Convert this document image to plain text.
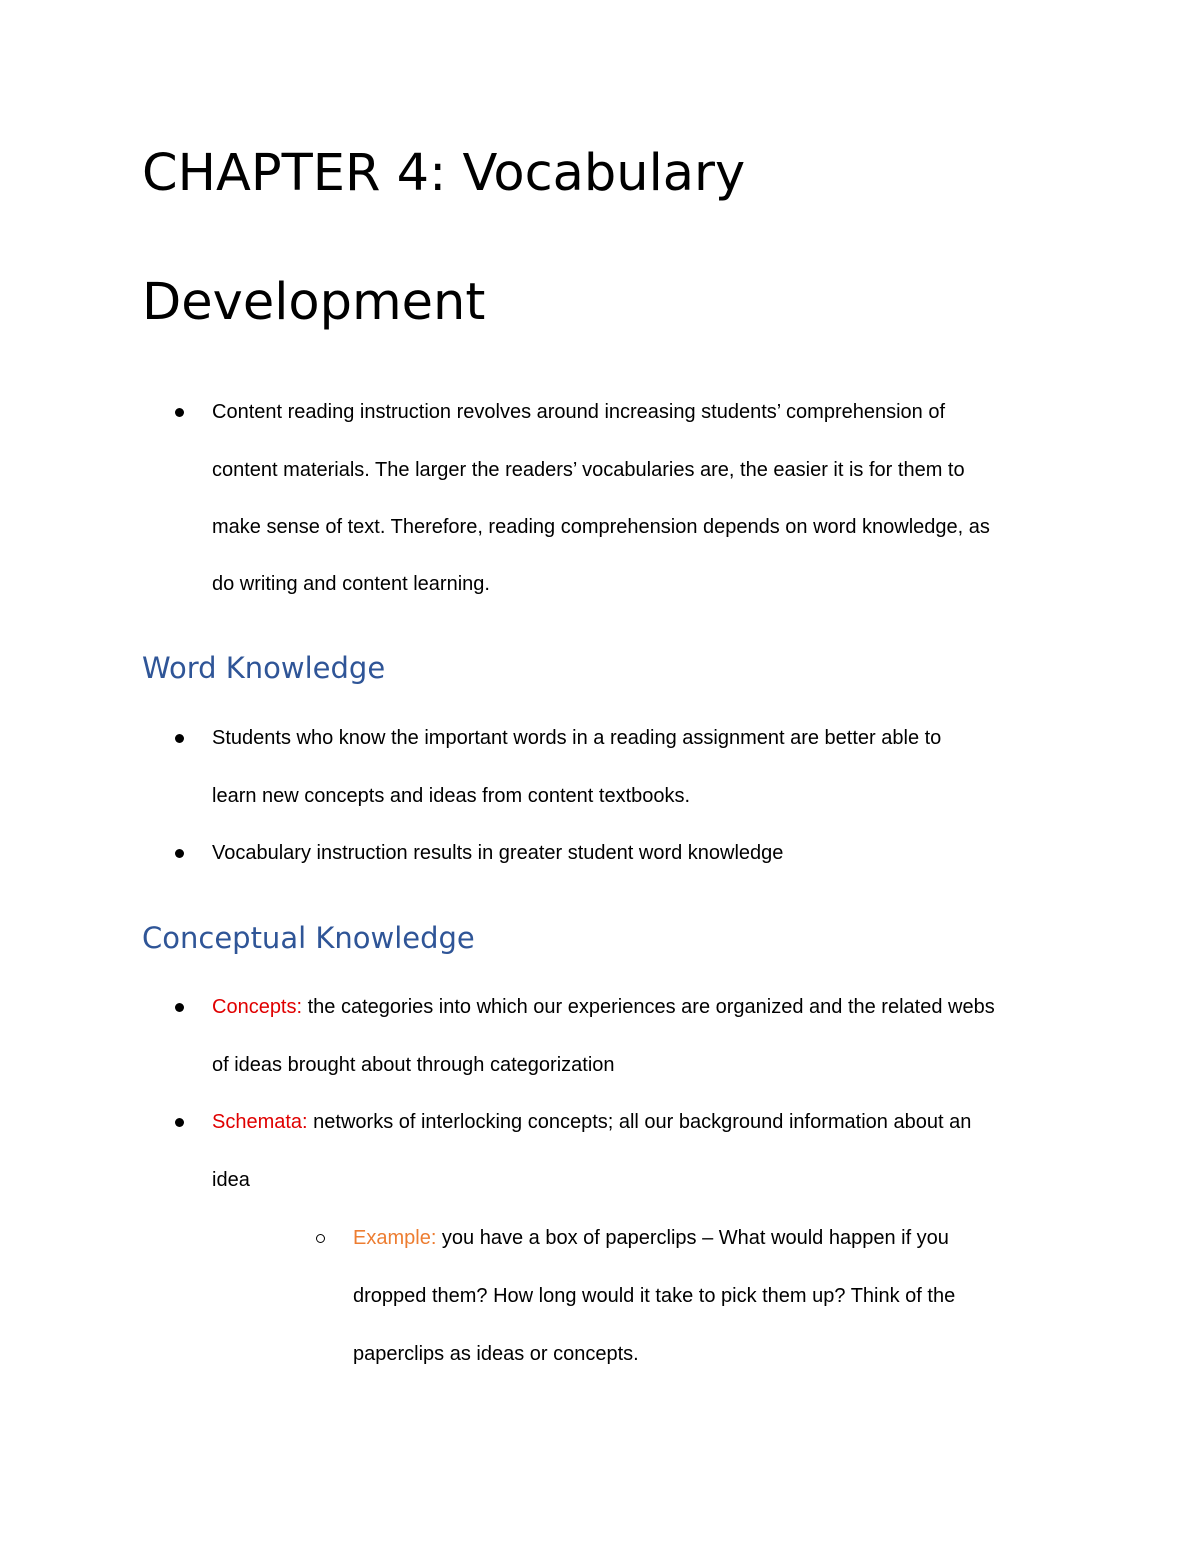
CHAPTER 4: Vocabulary
Development

Content reading instruction revolves around increasing students’ comprehension of

content materials. The larger the readers’ vocabularies are, the easier it is for them to

make sense of text. Therefore, reading comprehension depends on word knowledge, as

do writing and content learning.

Word Knowledge

Students who know the important words in a reading assignment are better able to

learn new concepts and ideas from content textbooks.

Vocabulary instruction results in greater student word knowledge

Conceptual Knowledge

Concepts: the categories into which our experiences are organized and the related webs

of ideas brought about through categorization

Schemata: networks of interlocking concepts; all our background information about an

idea

Example: you have a box of paperclips – What would happen if you

dropped them? How long would it take to pick them up? Think of the

paperclips as ideas or concepts.
